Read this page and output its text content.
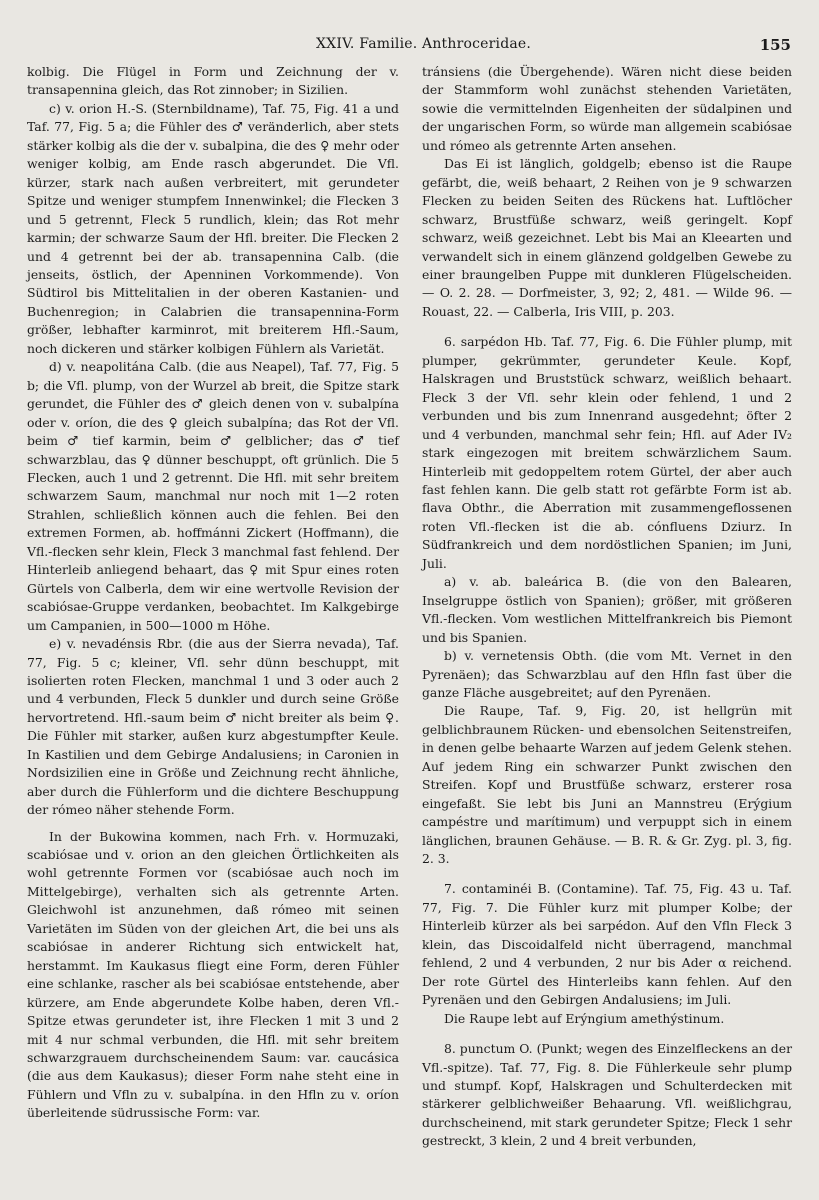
XXIV. Familie. Anthroceridae.	155

kolbig. Die Flügel in Form und Zeichnung der v. transapennina gleich, das Rot zinnober; in Sizilien.

c) v. orion H.-S. (Sternbildname), Taf. 75, Fig. 41 a und Taf. 77, Fig. 5 a; die Fühler des ♂ veränderlich, aber stets stärker kolbig als die der v. subalpina, die des ♀ mehr oder weniger kolbig, am Ende rasch abgerundet. Die Vfl. kürzer, stark nach außen verbreitert, mit gerundeter Spitze und weniger stumpfem Innenwinkel; die Flecken 3 und 5 getrennt, Fleck 5 rundlich, klein; das Rot mehr karmin; der schwarze Saum der Hfl. breiter. Die Flecken 2 und 4 getrennt bei der ab. transapennina Calb. (die jenseits, östlich, der Apenninen Vorkommende). Von Südtirol bis Mittelitalien in der oberen Kastanien- und Buchenregion; in Calabrien die transapennina-Form größer, lebhafter karminrot, mit breiterem Hfl.-Saum, noch dickeren und stärker kolbigen Fühlern als Varietät.

d) v. neapolitána Calb. (die aus Neapel), Taf. 77, Fig. 5 b; die Vfl. plump, von der Wurzel ab breit, die Spitze stark gerundet, die Fühler des ♂ gleich denen von v. subalpína oder v. oríon, die des ♀ gleich subalpína; das Rot der Vfl. beim ♂ tief karmin, beim ♂ gelblicher; das ♂ tief schwarzblau, das ♀ dünner beschuppt, oft grünlich. Die 5 Flecken, auch 1 und 2 getrennt. Die Hfl. mit sehr breitem schwarzem Saum, manchmal nur noch mit 1—2 roten Strahlen, schließlich können auch die fehlen. Bei den extremen Formen, ab. hoffmánni Zickert (Hoffmann), die Vfl.-flecken sehr klein, Fleck 3 manchmal fast fehlend. Der Hinterleib anliegend behaart, das ♀ mit Spur eines roten Gürtels von Calberla, dem wir eine wertvolle Revision der scabiósae-Gruppe verdanken, beobachtet. Im Kalkgebirge um Campanien, in 500—1000 m Höhe.

e) v. nevadénsis Rbr. (die aus der Sierra nevada), Taf. 77, Fig. 5 c; kleiner, Vfl. sehr dünn beschuppt, mit isolierten roten Flecken, manchmal 1 und 3 oder auch 2 und 4 verbunden, Fleck 5 dunkler und durch seine Größe hervortretend. Hfl.-saum beim ♂ nicht breiter als beim ♀. Die Fühler mit starker, außen kurz abgestumpfter Keule. In Kastilien und dem Gebirge Andalusiens; in Caronien in Nordsizilien eine in Größe und Zeichnung recht ähnliche, aber durch die Fühlerform und die dichtere Beschuppung der rómeo näher stehende Form.

In der Bukowina kommen, nach Frh. v. Hormuzaki, scabiósae und v. orion an den gleichen Örtlichkeiten als wohl getrennte Formen vor (scabiósae auch noch im Mittelgebirge), verhalten sich als getrennte Arten. Gleichwohl ist anzunehmen, daß rómeo mit seinen Varietäten im Süden von der gleichen Art, die bei uns als scabiósae in anderer Richtung sich entwickelt hat, herstammt. Im Kaukasus fliegt eine Form, deren Fühler eine schlanke, rascher als bei scabiósae entstehende, aber kürzere, am Ende abgerundete Kolbe haben, deren Vfl.-Spitze etwas gerundeter ist, ihre Flecken 1 mit 3 und 2 mit 4 nur schmal verbunden, die Hfl. mit sehr breitem schwarzgrauem durchscheinendem Saum: var. caucásica (die aus dem Kaukasus); dieser Form nahe steht eine in Fühlern und Vfln zu v. subalpína. in den Hfln zu v. oríon überleitende südrussische Form: var.

tránsiens (die Übergehende). Wären nicht diese beiden der Stammform wohl zunächst stehenden Varietäten, sowie die vermittelnden Eigenheiten der südalpinen und der ungarischen Form, so würde man allgemein scabiósae und rómeo als getrennte Arten ansehen.

Das Ei ist länglich, goldgelb; ebenso ist die Raupe gefärbt, die, weiß behaart, 2 Reihen von je 9 schwarzen Flecken zu beiden Seiten des Rückens hat. Luftlöcher schwarz, Brustfüße schwarz, weiß geringelt. Kopf schwarz, weiß gezeichnet. Lebt bis Mai an Kleearten und verwandelt sich in einem glänzend goldgelben Gewebe zu einer braungelben Puppe mit dunkleren Flügelscheiden. — O. 2. 28. — Dorfmeister, 3, 92; 2, 481. — Wilde 96. — Rouast, 22. — Calberla, Iris VIII, p. 203.

6. sarpédon Hb. Taf. 77, Fig. 6. Die Fühler plump, mit plumper, gekrümmter, gerundeter Keule. Kopf, Halskragen und Bruststück schwarz, weißlich behaart. Fleck 3 der Vfl. sehr klein oder fehlend, 1 und 2 verbunden und bis zum Innenrand ausgedehnt; öfter 2 und 4 verbunden, manchmal sehr fein; Hfl. auf Ader IV₂ stark eingezogen mit breitem schwärzlichem Saum. Hinterleib mit gedoppeltem rotem Gürtel, der aber auch fast fehlen kann. Die gelb statt rot gefärbte Form ist ab. flava Obthr., die Aberration mit zusammengeflossenen roten Vfl.-flecken ist die ab. cónfluens Dziurz. In Südfrankreich und dem nordöstlichen Spanien; im Juni, Juli.

a) v. ab. baleárica B. (die von den Balearen, Inselgruppe östlich von Spanien); größer, mit größeren Vfl.-flecken. Vom westlichen Mittelfrankreich bis Piemont und bis Spanien.

b) v. vernetensis Obth. (die vom Mt. Vernet in den Pyrenäen); das Schwarzblau auf den Hfln fast über die ganze Fläche ausgebreitet; auf den Pyrenäen.

Die Raupe, Taf. 9, Fig. 20, ist hellgrün mit gelblichbraunem Rücken- und ebensolchen Seitenstreifen, in denen gelbe behaarte Warzen auf jedem Gelenk stehen. Auf jedem Ring ein schwarzer Punkt zwischen den Streifen. Kopf und Brustfüße schwarz, ersterer rosa eingefaßt. Sie lebt bis Juni an Mannstreu (Erýgium campéstre und marítimum) und verpuppt sich in einem länglichen, braunen Gehäuse. — B. R. & Gr. Zyg. pl. 3, fig. 2. 3.

7. contaminéi B. (Contamine). Taf. 75, Fig. 43 u. Taf. 77, Fig. 7. Die Fühler kurz mit plumper Kolbe; der Hinterleib kürzer als bei sarpédon. Auf den Vfln Fleck 3 klein, das Discoidalfeld nicht überragend, manchmal fehlend, 2 und 4 verbunden, 2 nur bis Ader α reichend. Der rote Gürtel des Hinterleibs kann fehlen. Auf den Pyrenäen und den Gebirgen Andalusiens; im Juli.

Die Raupe lebt auf Erýngium amethýstinum.

8. punctum O. (Punkt; wegen des Einzelfleckens an der Vfl.-spitze). Taf. 77, Fig. 8. Die Fühlerkeule sehr plump und stumpf. Kopf, Halskragen und Schulterdecken mit stärkerer gelblichweißer Behaarung. Vfl. weißlichgrau, durchscheinend, mit stark gerundeter Spitze; Fleck 1 sehr gestreckt, 3 klein, 2 und 4 breit verbunden,
